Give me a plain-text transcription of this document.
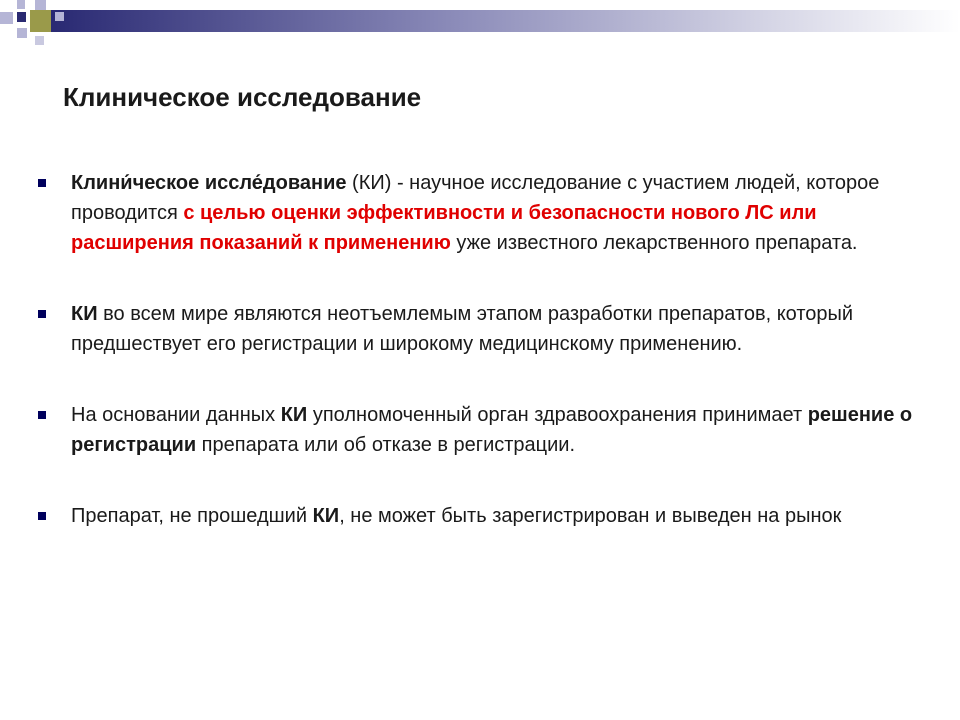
Клиническое исследование
Клини́ческое иссле́дование (КИ) - научное исследование с участием людей, которое проводится с целью оценки эффективности и безопасности нового ЛС или расширения показаний к применению уже известного лекарственного препарата.
КИ во всем мире являются неотъемлемым этапом разработки препаратов, который предшествует его регистрации и широкому медицинскому применению.
На основании данных КИ уполномоченный орган здравоохранения принимает решение о регистрации препарата или об отказе в регистрации.
Препарат, не прошедший КИ, не может быть зарегистрирован и выведен на рынок
